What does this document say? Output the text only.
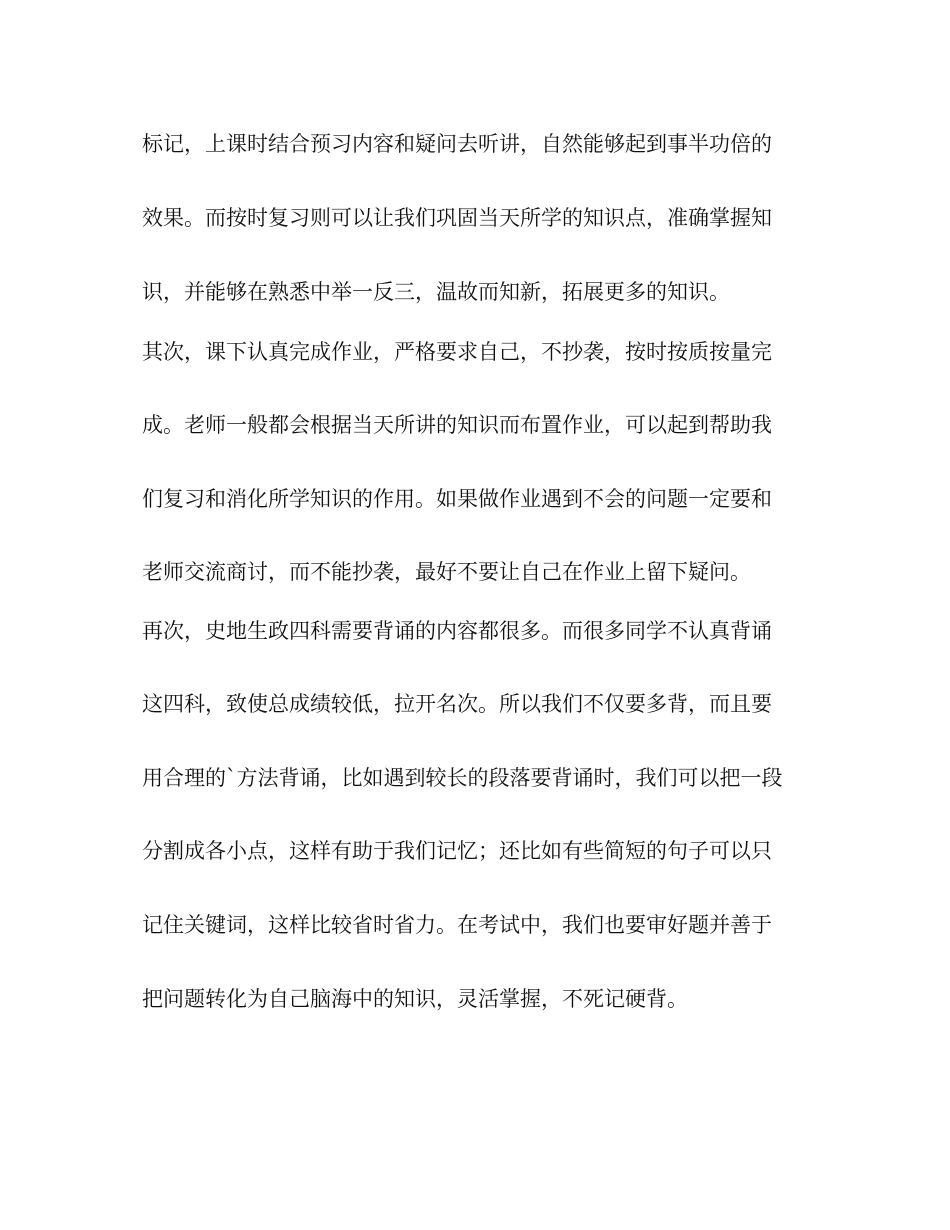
标记，上课时结合预习内容和疑问去听讲，自然能够起到事半功倍的
效果。而按时复习则可以让我们巩固当天所学的知识点，准确掌握知
识，并能够在熟悉中举一反三，温故而知新，拓展更多的知识。
其次，课下认真完成作业，严格要求自己，不抄袭，按时按质按量完
成。老师一般都会根据当天所讲的知识而布置作业，可以起到帮助我
们复习和消化所学知识的作用。如果做作业遇到不会的问题一定要和
老师交流商讨，而不能抄袭，最好不要让自己在作业上留下疑问。
再次，史地生政四科需要背诵的内容都很多。而很多同学不认真背诵
这四科，致使总成绩较低，拉开名次。所以我们不仅要多背，而且要
用合理的`方法背诵，比如遇到较长的段落要背诵时，我们可以把一段
分割成各小点，这样有助于我们记忆；还比如有些简短的句子可以只
记住关键词，这样比较省时省力。在考试中，我们也要审好题并善于
把问题转化为自己脑海中的知识，灵活掌握，不死记硬背。
